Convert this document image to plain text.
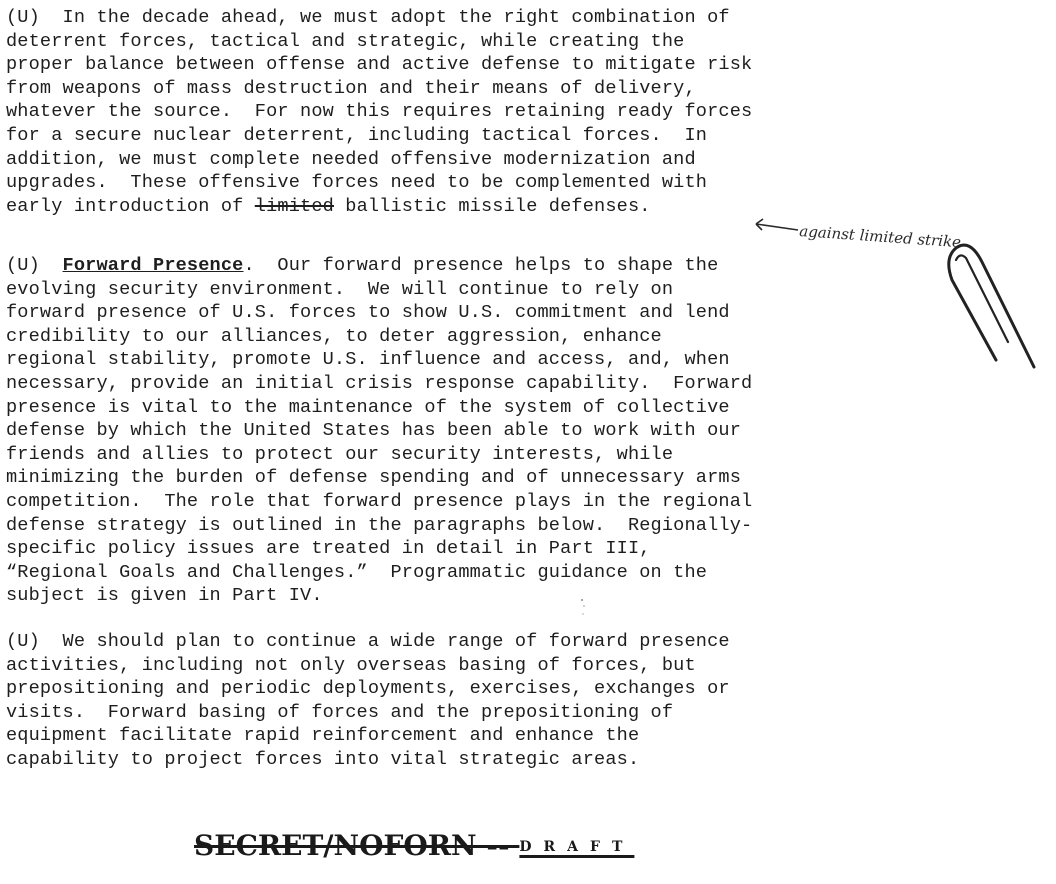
(U)  In the decade ahead, we must adopt the right combination of
deterrent forces, tactical and strategic, while creating the
proper balance between offense and active defense to mitigate risk
from weapons of mass destruction and their means of delivery,
whatever the source.  For now this requires retaining ready forces
for a secure nuclear deterrent, including tactical forces.  In
addition, we must complete needed offensive modernization and
upgrades.  These offensive forces need to be complemented with
early introduction of limited ballistic missile defenses.

(U)  Forward Presence.  Our forward presence helps to shape the
evolving security environment.  We will continue to rely on
forward presence of U.S. forces to show U.S. commitment and lend
credibility to our alliances, to deter aggression, enhance
regional stability, promote U.S. influence and access, and, when
necessary, provide an initial crisis response capability.  Forward
presence is vital to the maintenance of the system of collective
defense by which the United States has been able to work with our
friends and allies to protect our security interests, while
minimizing the burden of defense spending and of unnecessary arms
competition.  The role that forward presence plays in the regional
defense strategy is outlined in the paragraphs below.  Regionally-
specific policy issues are treated in detail in Part III,
“Regional Goals and Challenges.”  Programmatic guidance on the
subject is given in Part IV.

(U)  We should plan to continue a wide range of forward presence
activities, including not only overseas basing of forces, but
prepositioning and periodic deployments, exercises, exchanges or
visits.  Forward basing of forces and the prepositioning of
equipment facilitate rapid reinforcement and enhance the
capability to project forces into vital strategic areas.

against limited strike

SECRET/NOFORN -- DRAFT
